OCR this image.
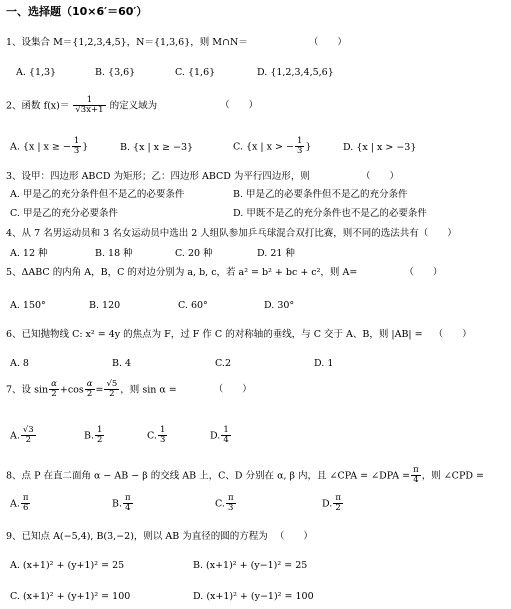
一、选择题（10×6′＝60′）
1、设集合 M＝{1,2,3,4,5}，N＝{1,3,6}，则 M∩N＝	（　　）
A. {1,3}	B. {3,6}	C. {1,6}	D. {1,2,3,4,5,6}
2、函数 $f(x)= \frac{1}{√3x+1}$ 的定义域为	（　　）
A. {x | x ≥ − $\frac{1}{3}$ }	B. {x | x ≥ −3}	C. {x | x > − $\frac{1}{3}$ }	D. {x | x > −3}
3、设甲：四边形 ABCD 为矩形；乙：四边形 ABCD 为平行四边形，则	（　　）
A. 甲是乙的充分条件但不是乙的必要条件	B. 甲是乙的必要条件但不是乙的充分条件
C. 甲是乙的充分必要条件	D. 甲既不是乙的充分条件也不是乙的必要条件
4、从 7 名男运动员和 3 名女运动员中选出 2 人组队参加乒乓球混合双打比赛，则不同的选法共有（　　）
A. 12 种	B. 18 种	C. 20 种	D. 21 种
5、ΔABC 的内角 A，B，C 的对边分别为 a, b, c，若 a² = b² + bc + c²，则 A=	（　　）
A. 150°	B. 120	C. 60°	D. 30°
6、已知抛物线 C: x² = 4y 的焦点为 F，过 F 作 C 的对称轴的垂线，与 C 交于 A、B，则 |AB| = （　　）
A. 8	B. 4	C.2	D. 1
7、设 $\sin \frac{\alpha}{2} +\cos \frac{\alpha}{2} = \frac{√5}{2}$ ，则 sin α =	（　　）
A. $\frac{√3}{2}$	B. $\frac{1}{2}$	C. $\frac{1}{3}$	D. $\frac{1}{4}$
8、点 P 在直二面角 α − AB − β 的交线 AB 上，C、D 分别在 α, β 内，且 ∠CPA = ∠DPA = $\frac{\pi}{4}$ ，则 ∠CPD =
A. $\frac{\pi}{6}$	B. $\frac{\pi}{4}$	C. $\frac{\pi}{3}$	D. $\frac{\pi}{2}$
9、已知点 A(−5,4), B(3,−2)，则以 AB 为直径的圆的方程为 （　　）
A. (x+1)² + (y+1)² = 25	B. (x+1)² + (y−1)² = 25
C. (x+1)² + (y+1)² = 100	D. (x+1)² + (y−1)² = 100
